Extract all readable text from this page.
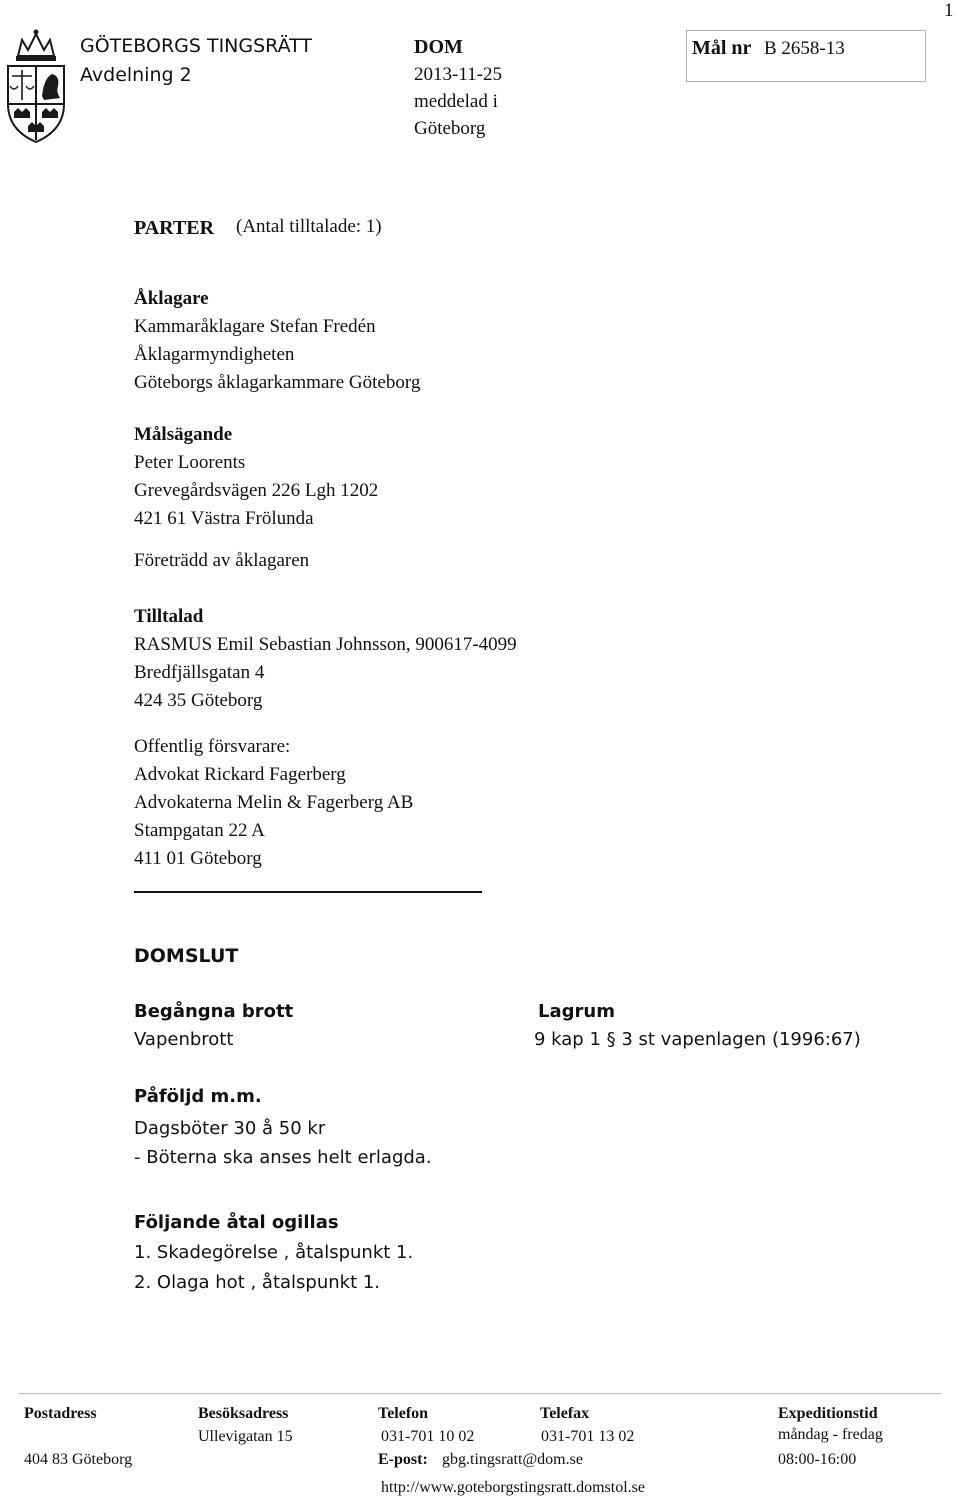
1
GÖTEBORGS TINGSRÄTT
Avdelning 2
DOM
2013-11-25
meddelad i
Göteborg
Mål nr B 2658-13
PARTER (Antal tilltalade: 1)
Åklagare
Kammaråklagare Stefan Fredén
Åklagarmyndigheten
Göteborgs åklagarkammare Göteborg
Målsägande
Peter Loorents
Grevegårdsvägen 226 Lgh 1202
421 61 Västra Frölunda
Företrädd av åklagaren
Tilltalad
RASMUS Emil Sebastian Johnsson, 900617-4099
Bredfjällsgatan 4
424 35 Göteborg
Offentlig försvarare:
Advokat Rickard Fagerberg
Advokaterna Melin & Fagerberg AB
Stampgatan 22 A
411 01 Göteborg
DOMSLUT
Begångna brott
Vapenbrott
Lagrum
9 kap 1 § 3 st vapenlagen (1996:67)
Påföljd m.m.
Dagsböter 30 å 50 kr
- Böterna ska anses helt erlagda.
Följande åtal ogillas
1. Skadegörelse , åtalspunkt 1.
2. Olaga hot , åtalspunkt 1.
Postadress
404 83 Göteborg
Besöksadress
Ullevigatan 15
Telefon
031-701 10 02
Telefax
031-701 13 02
E-post: gbg.tingsratt@dom.se
http://www.goteborgstingsratt.domstol.se
Expeditionstid
måndag - fredag
08:00-16:00
